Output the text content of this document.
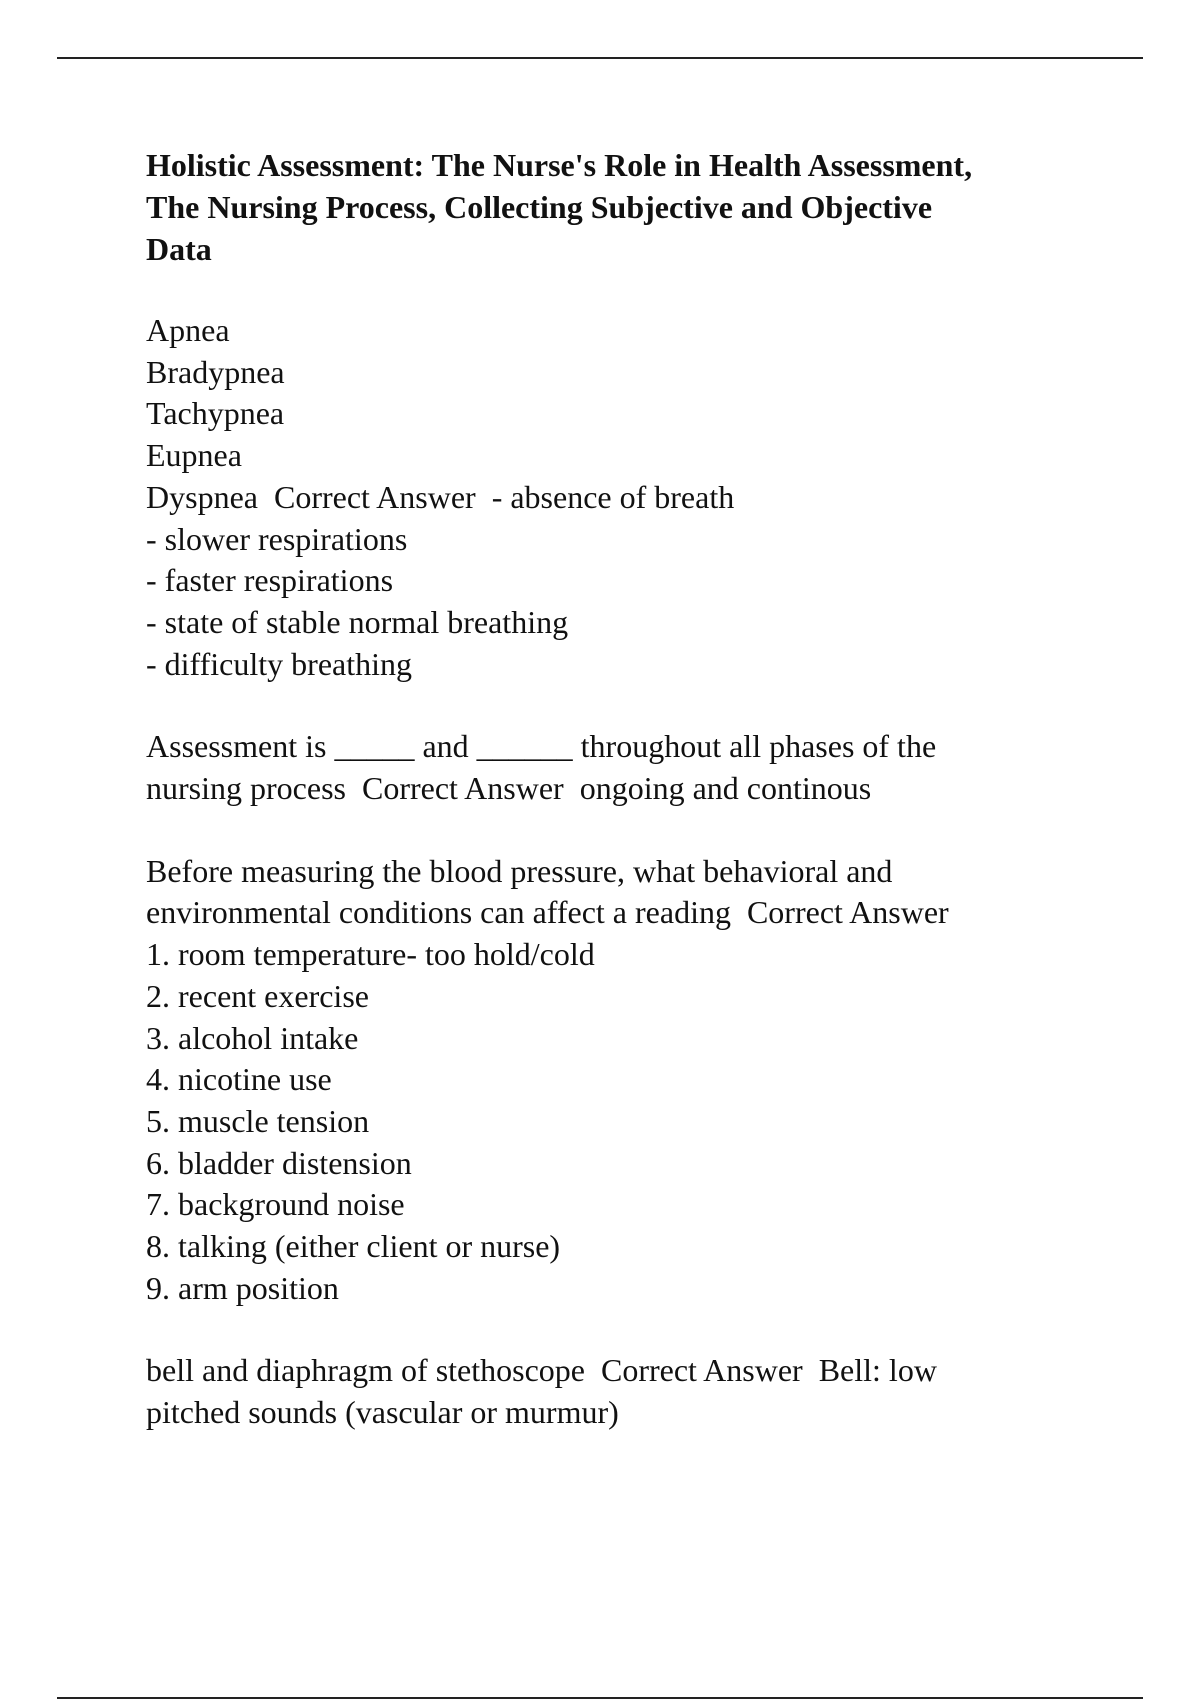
Holistic Assessment: The Nurse's Role in Health Assessment,
The Nursing Process, Collecting Subjective and Objective
Data
Apnea
Bradypnea
Tachypnea
Eupnea
Dyspnea  Correct Answer  - absence of breath
- slower respirations
- faster respirations
- state of stable normal breathing
- difficulty breathing
Assessment is _____ and ______ throughout all phases of the
nursing process  Correct Answer  ongoing and continous
Before measuring the blood pressure, what behavioral and
environmental conditions can affect a reading  Correct Answer
1. room temperature- too hold/cold
2. recent exercise
3. alcohol intake
4. nicotine use
5. muscle tension
6. bladder distension
7. background noise
8. talking (either client or nurse)
9. arm position
bell and diaphragm of stethoscope  Correct Answer  Bell: low
pitched sounds (vascular or murmur)
